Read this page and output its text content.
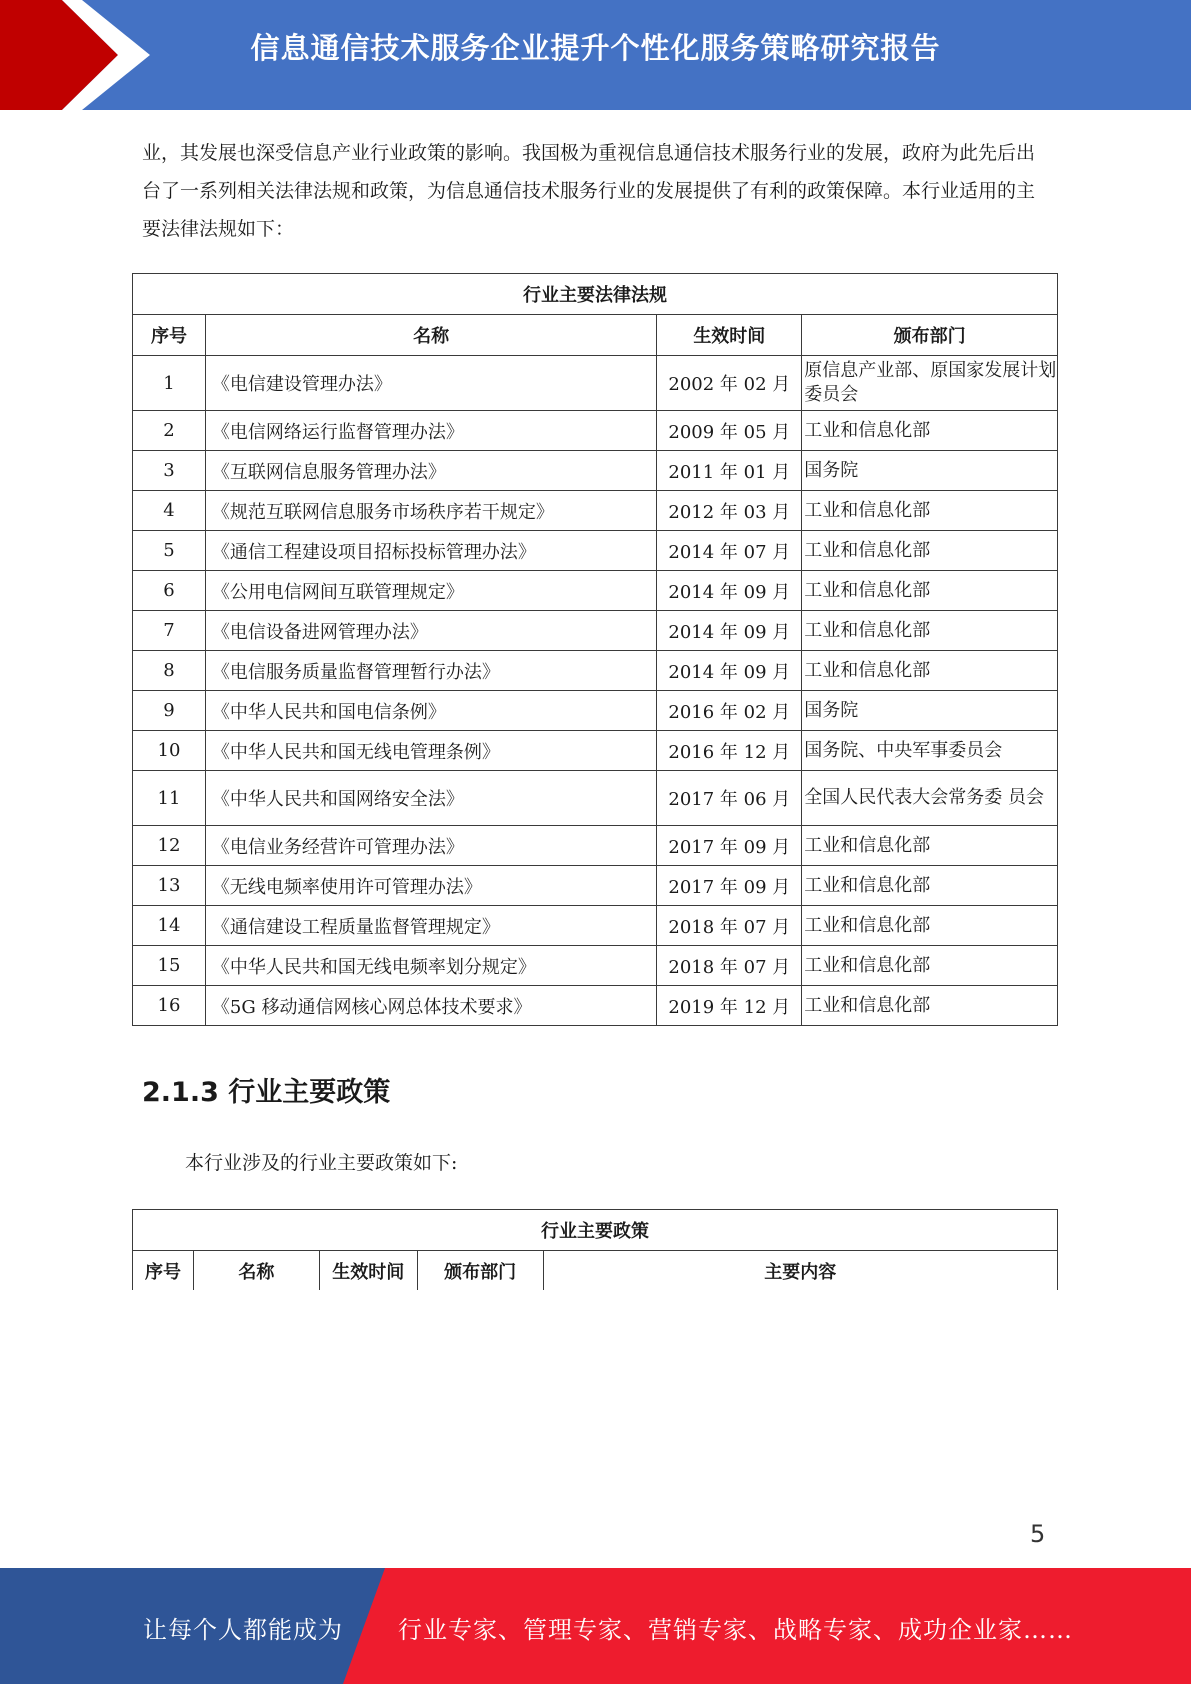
信息通信技术服务企业提升个性化服务策略研究报告

业，其发展也深受信息产业行业政策的影响。我国极为重视信息通信技术服务行业的发展，政府为此先后出台了一系列相关法律法规和政策，为信息通信技术服务行业的发展提供了有利的政策保障。本行业适用的主要法律法规如下：

行业主要法律法规			
序号	名称	生效时间	颁布部门
1	《电信建设管理办法》	2002 年 02 月	原信息产业部、原国家发展计划委员会
2	《电信网络运行监督管理办法》	2009 年 05 月	工业和信息化部
3	《互联网信息服务管理办法》	2011 年 01 月	国务院
4	《规范互联网信息服务市场秩序若干规定》	2012 年 03 月	工业和信息化部
5	《通信工程建设项目招标投标管理办法》	2014 年 07 月	工业和信息化部
6	《公用电信网间互联管理规定》	2014 年 09 月	工业和信息化部
7	《电信设备进网管理办法》	2014 年 09 月	工业和信息化部
8	《电信服务质量监督管理暂行办法》	2014 年 09 月	工业和信息化部
9	《中华人民共和国电信条例》	2016 年 02 月	国务院
10	《中华人民共和国无线电管理条例》	2016 年 12 月	国务院、中央军事委员会
11	《中华人民共和国网络安全法》	2017 年 06 月	全国人民代表大会常务委 员会
12	《电信业务经营许可管理办法》	2017 年 09 月	工业和信息化部
13	《无线电频率使用许可管理办法》	2017 年 09 月	工业和信息化部
14	《通信建设工程质量监督管理规定》	2018 年 07 月	工业和信息化部
15	《中华人民共和国无线电频率划分规定》	2018 年 07 月	工业和信息化部
16	《5G 移动通信网核心网总体技术要求》	2019 年 12 月	工业和信息化部
2.1.3 行业主要政策

本行业涉及的行业主要政策如下:

行业主要政策
序号	名称	生效时间	颁布部门	主要内容
5
让每个人都能成为 行业专家、管理专家、营销专家、战略专家、成功企业家……
